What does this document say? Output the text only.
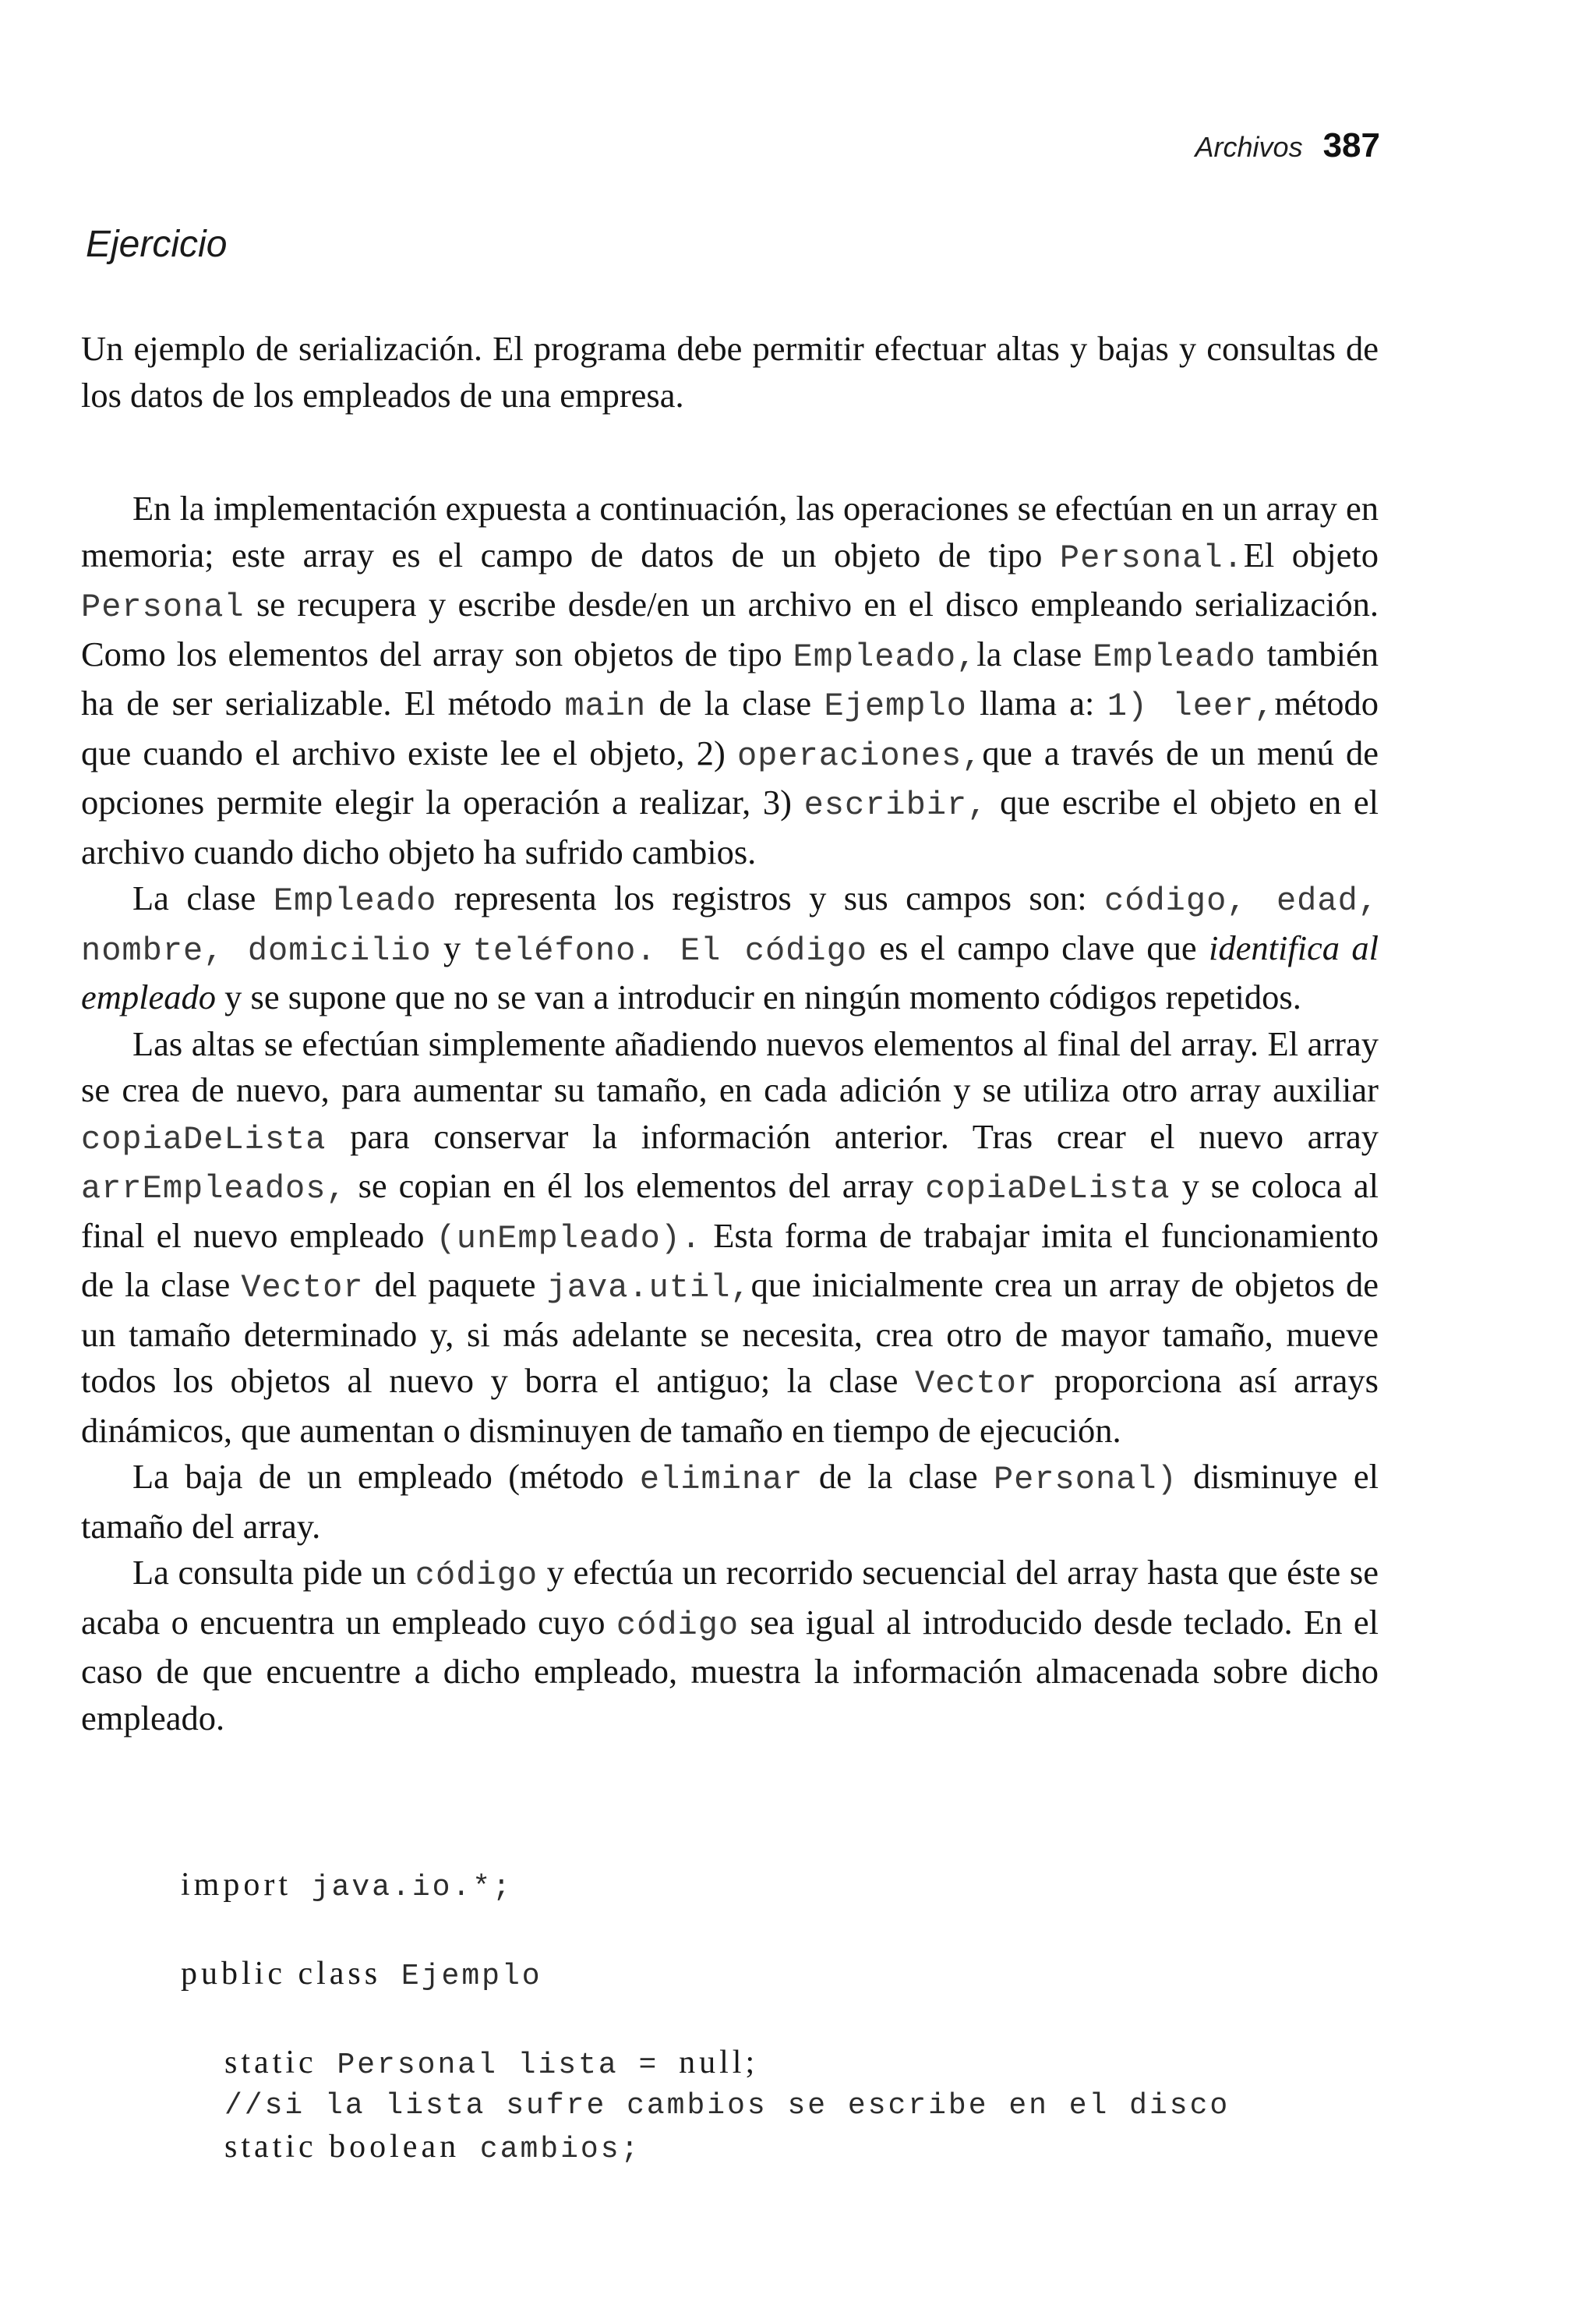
Archivos 387
Ejercicio

Un ejemplo de serialización. El programa debe permitir efectuar altas y bajas y consultas de los datos de los empleados de una empresa.

En la implementación expuesta a continuación, las operaciones se efectúan en un array en memoria; este array es el campo de datos de un objeto de tipo Personal.El objeto Personal se recupera y escribe desde/en un archivo en el disco empleando serialización. Como los elementos del array son objetos de tipo Empleado,la clase Empleado también ha de ser serializable. El método main de la clase Ejemplo llama a: 1) leer,método que cuando el archivo existe lee el objeto, 2) operaciones,que a través de un menú de opciones permite elegir la operación a realizar, 3) escribir, que escribe el objeto en el archivo cuando dicho objeto ha sufrido cambios.

La clase Empleado representa los registros y sus campos son: código, edad, nombre, domicilio y teléfono. El código es el campo clave que identifica al empleado y se supone que no se van a introducir en ningún momento códigos repetidos.

Las altas se efectúan simplemente añadiendo nuevos elementos al final del array. El array se crea de nuevo, para aumentar su tamaño, en cada adición y se utiliza otro array auxiliar copiaDeLista para conservar la información anterior. Tras crear el nuevo array arrEmpleados, se copian en él los elementos del array copiaDeLista y se coloca al final el nuevo empleado (unEmpleado). Esta forma de trabajar imita el funcionamiento de la clase Vector del paquete java.util,que inicialmente crea un array de objetos de un tamaño determinado y, si más adelante se necesita, crea otro de mayor tamaño, mueve todos los objetos al nuevo y borra el antiguo; la clase Vector proporciona así arrays dinámicos, que aumentan o disminuyen de tamaño en tiempo de ejecución.

La baja de un empleado (método eliminar de la clase Personal) disminuye el tamaño del array.

La consulta pide un código y efectúa un recorrido secuencial del array hasta que éste se acaba o encuentra un empleado cuyo código sea igual al introducido desde teclado. En el caso de que encuentre a dicho empleado, muestra la información almacenada sobre dicho empleado.

import java.io.*;
public class Ejemplo
static Personal lista = null;
//si la lista sufre cambios se escribe en el disco
static boolean cambios;
